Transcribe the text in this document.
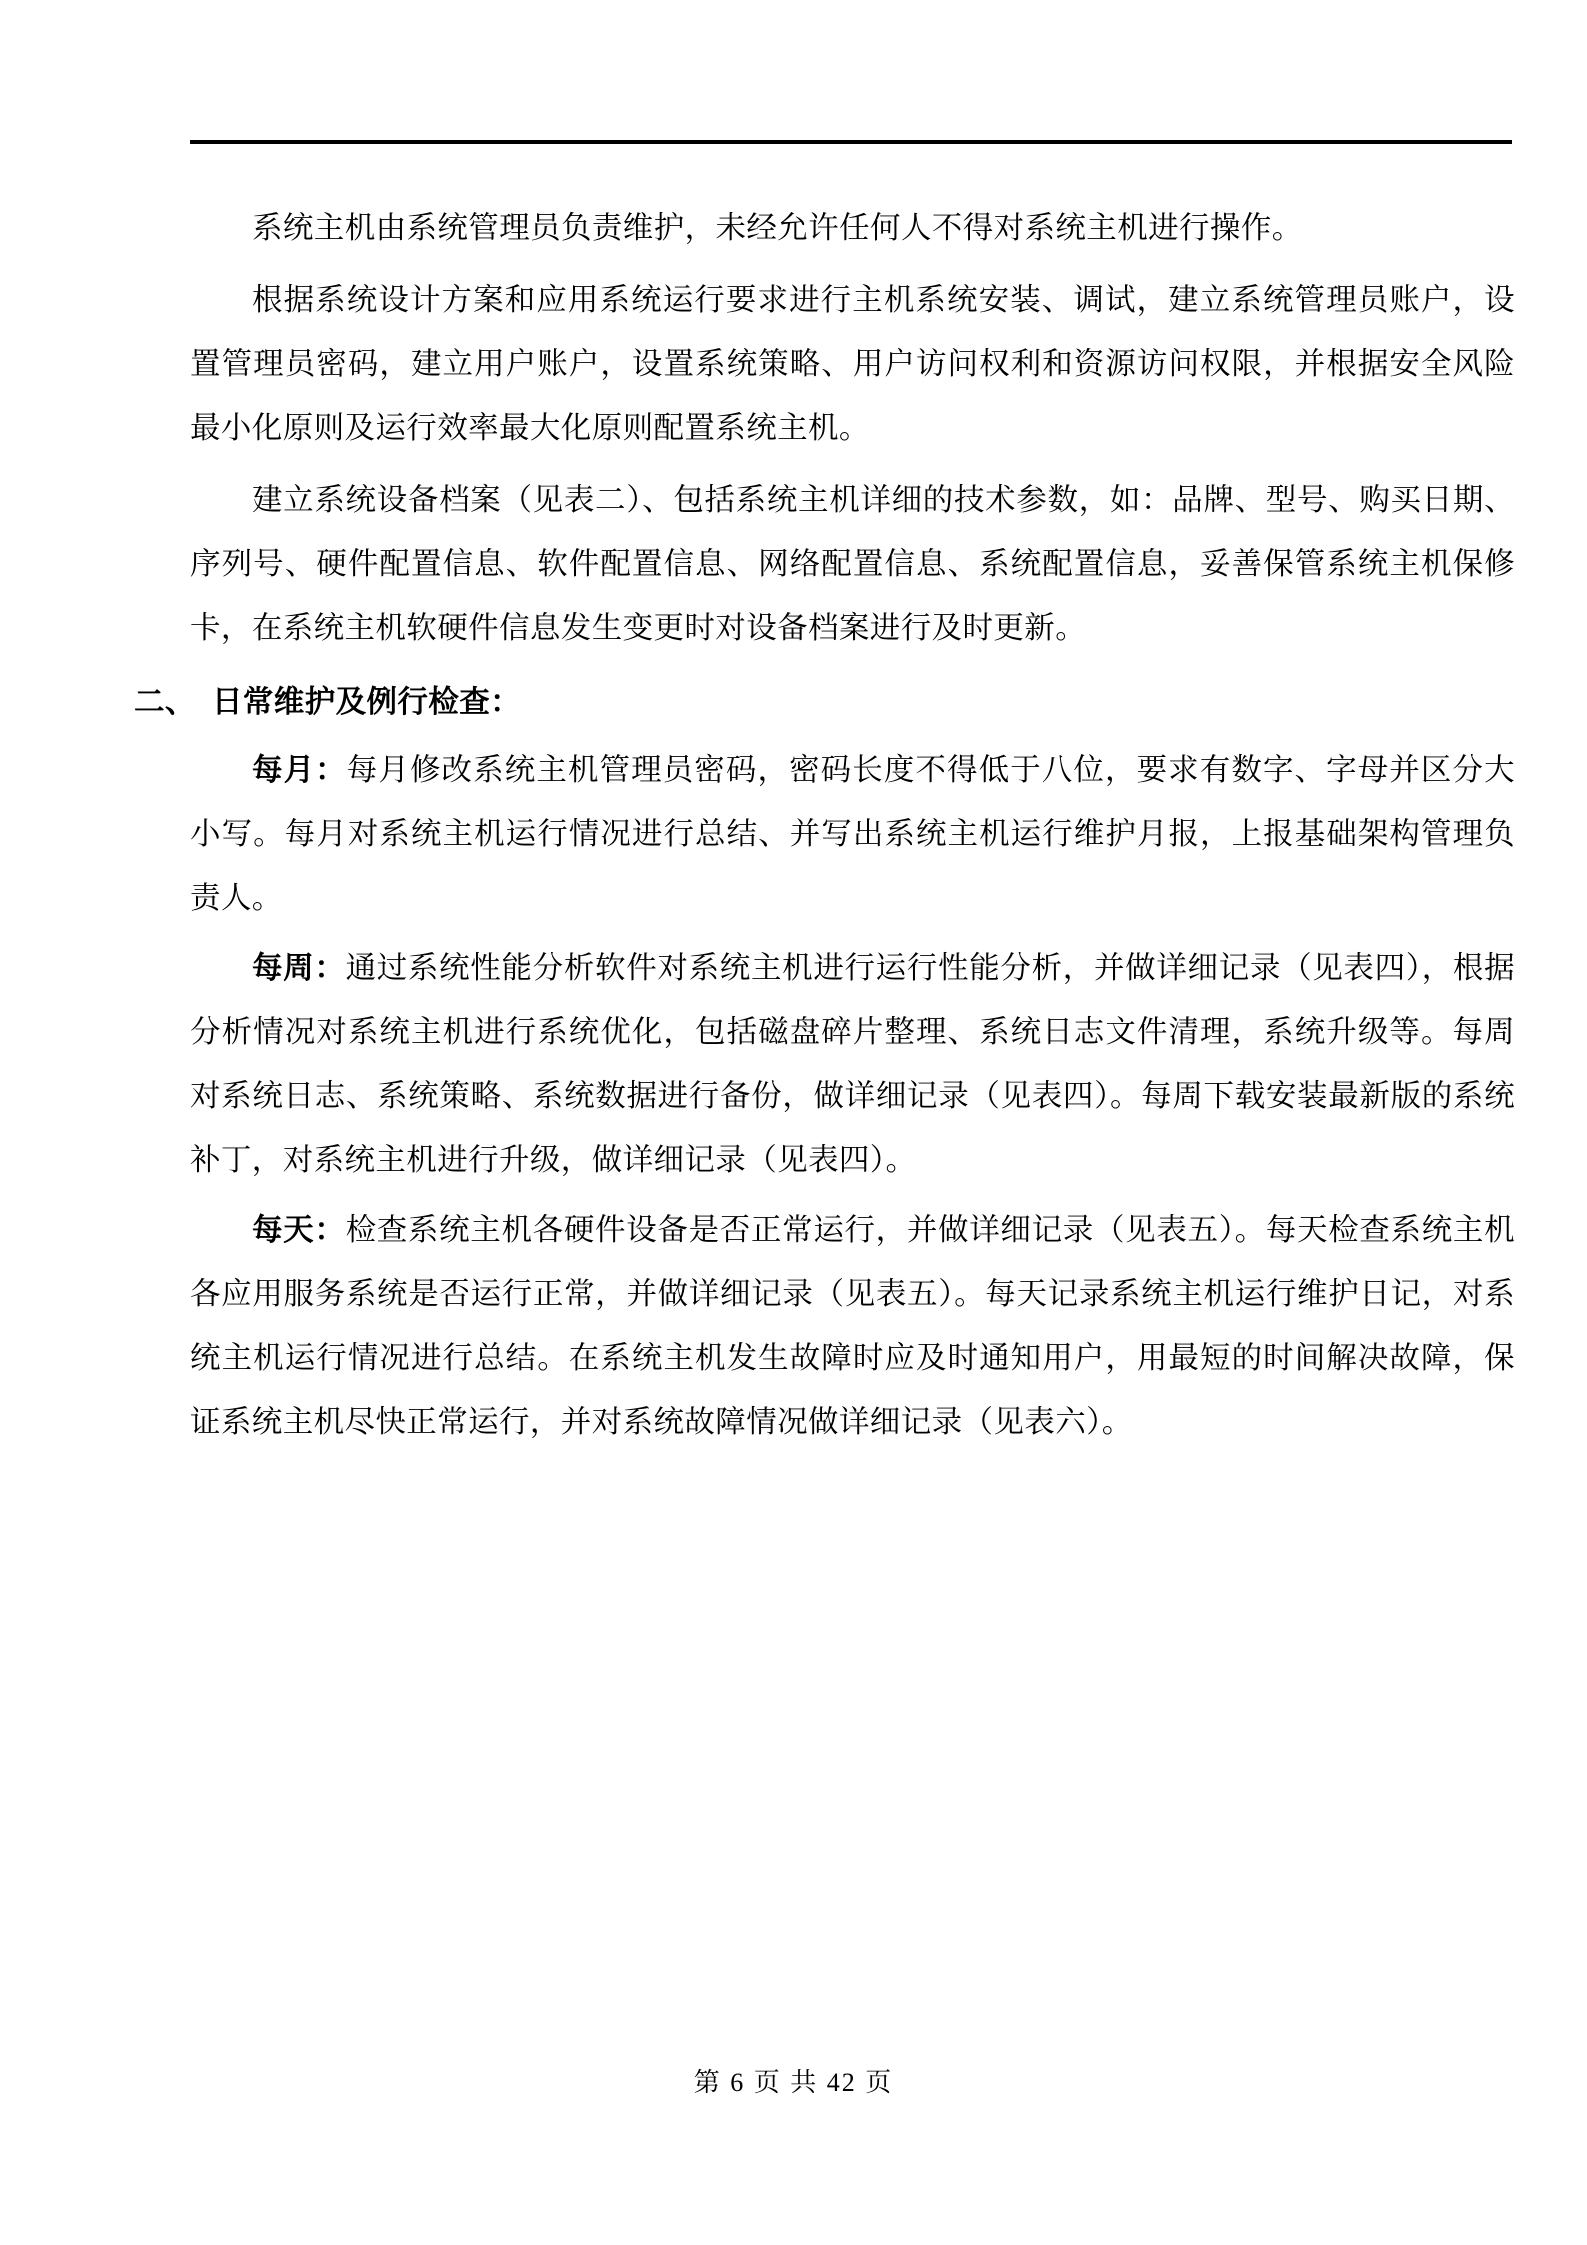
系统主机由系统管理员负责维护，未经允许任何人不得对系统主机进行操作。

根据系统设计方案和应用系统运行要求进行主机系统安装、调试，建立系统管理员账户，设置管理员密码，建立用户账户，设置系统策略、用户访问权利和资源访问权限，并根据安全风险最小化原则及运行效率最大化原则配置系统主机。

建立系统设备档案（见表二）、包括系统主机详细的技术参数，如：品牌、型号、购买日期、序列号、硬件配置信息、软件配置信息、网络配置信息、系统配置信息，妥善保管系统主机保修卡，在系统主机软硬件信息发生变更时对设备档案进行及时更新。

二、 日常维护及例行检查：

每月：每月修改系统主机管理员密码，密码长度不得低于八位，要求有数字、字母并区分大小写。每月对系统主机运行情况进行总结、并写出系统主机运行维护月报，上报基础架构管理负责人。

每周：通过系统性能分析软件对系统主机进行运行性能分析，并做详细记录（见表四），根据分析情况对系统主机进行系统优化，包括磁盘碎片整理、系统日志文件清理，系统升级等。每周对系统日志、系统策略、系统数据进行备份，做详细记录（见表四）。每周下载安装最新版的系统补丁，对系统主机进行升级，做详细记录（见表四）。

每天：检查系统主机各硬件设备是否正常运行，并做详细记录（见表五）。每天检查系统主机各应用服务系统是否运行正常，并做详细记录（见表五）。每天记录系统主机运行维护日记，对系统主机运行情况进行总结。在系统主机发生故障时应及时通知用户，用最短的时间解决故障，保证系统主机尽快正常运行，并对系统故障情况做详细记录（见表六）。

第 6 页 共 42 页
